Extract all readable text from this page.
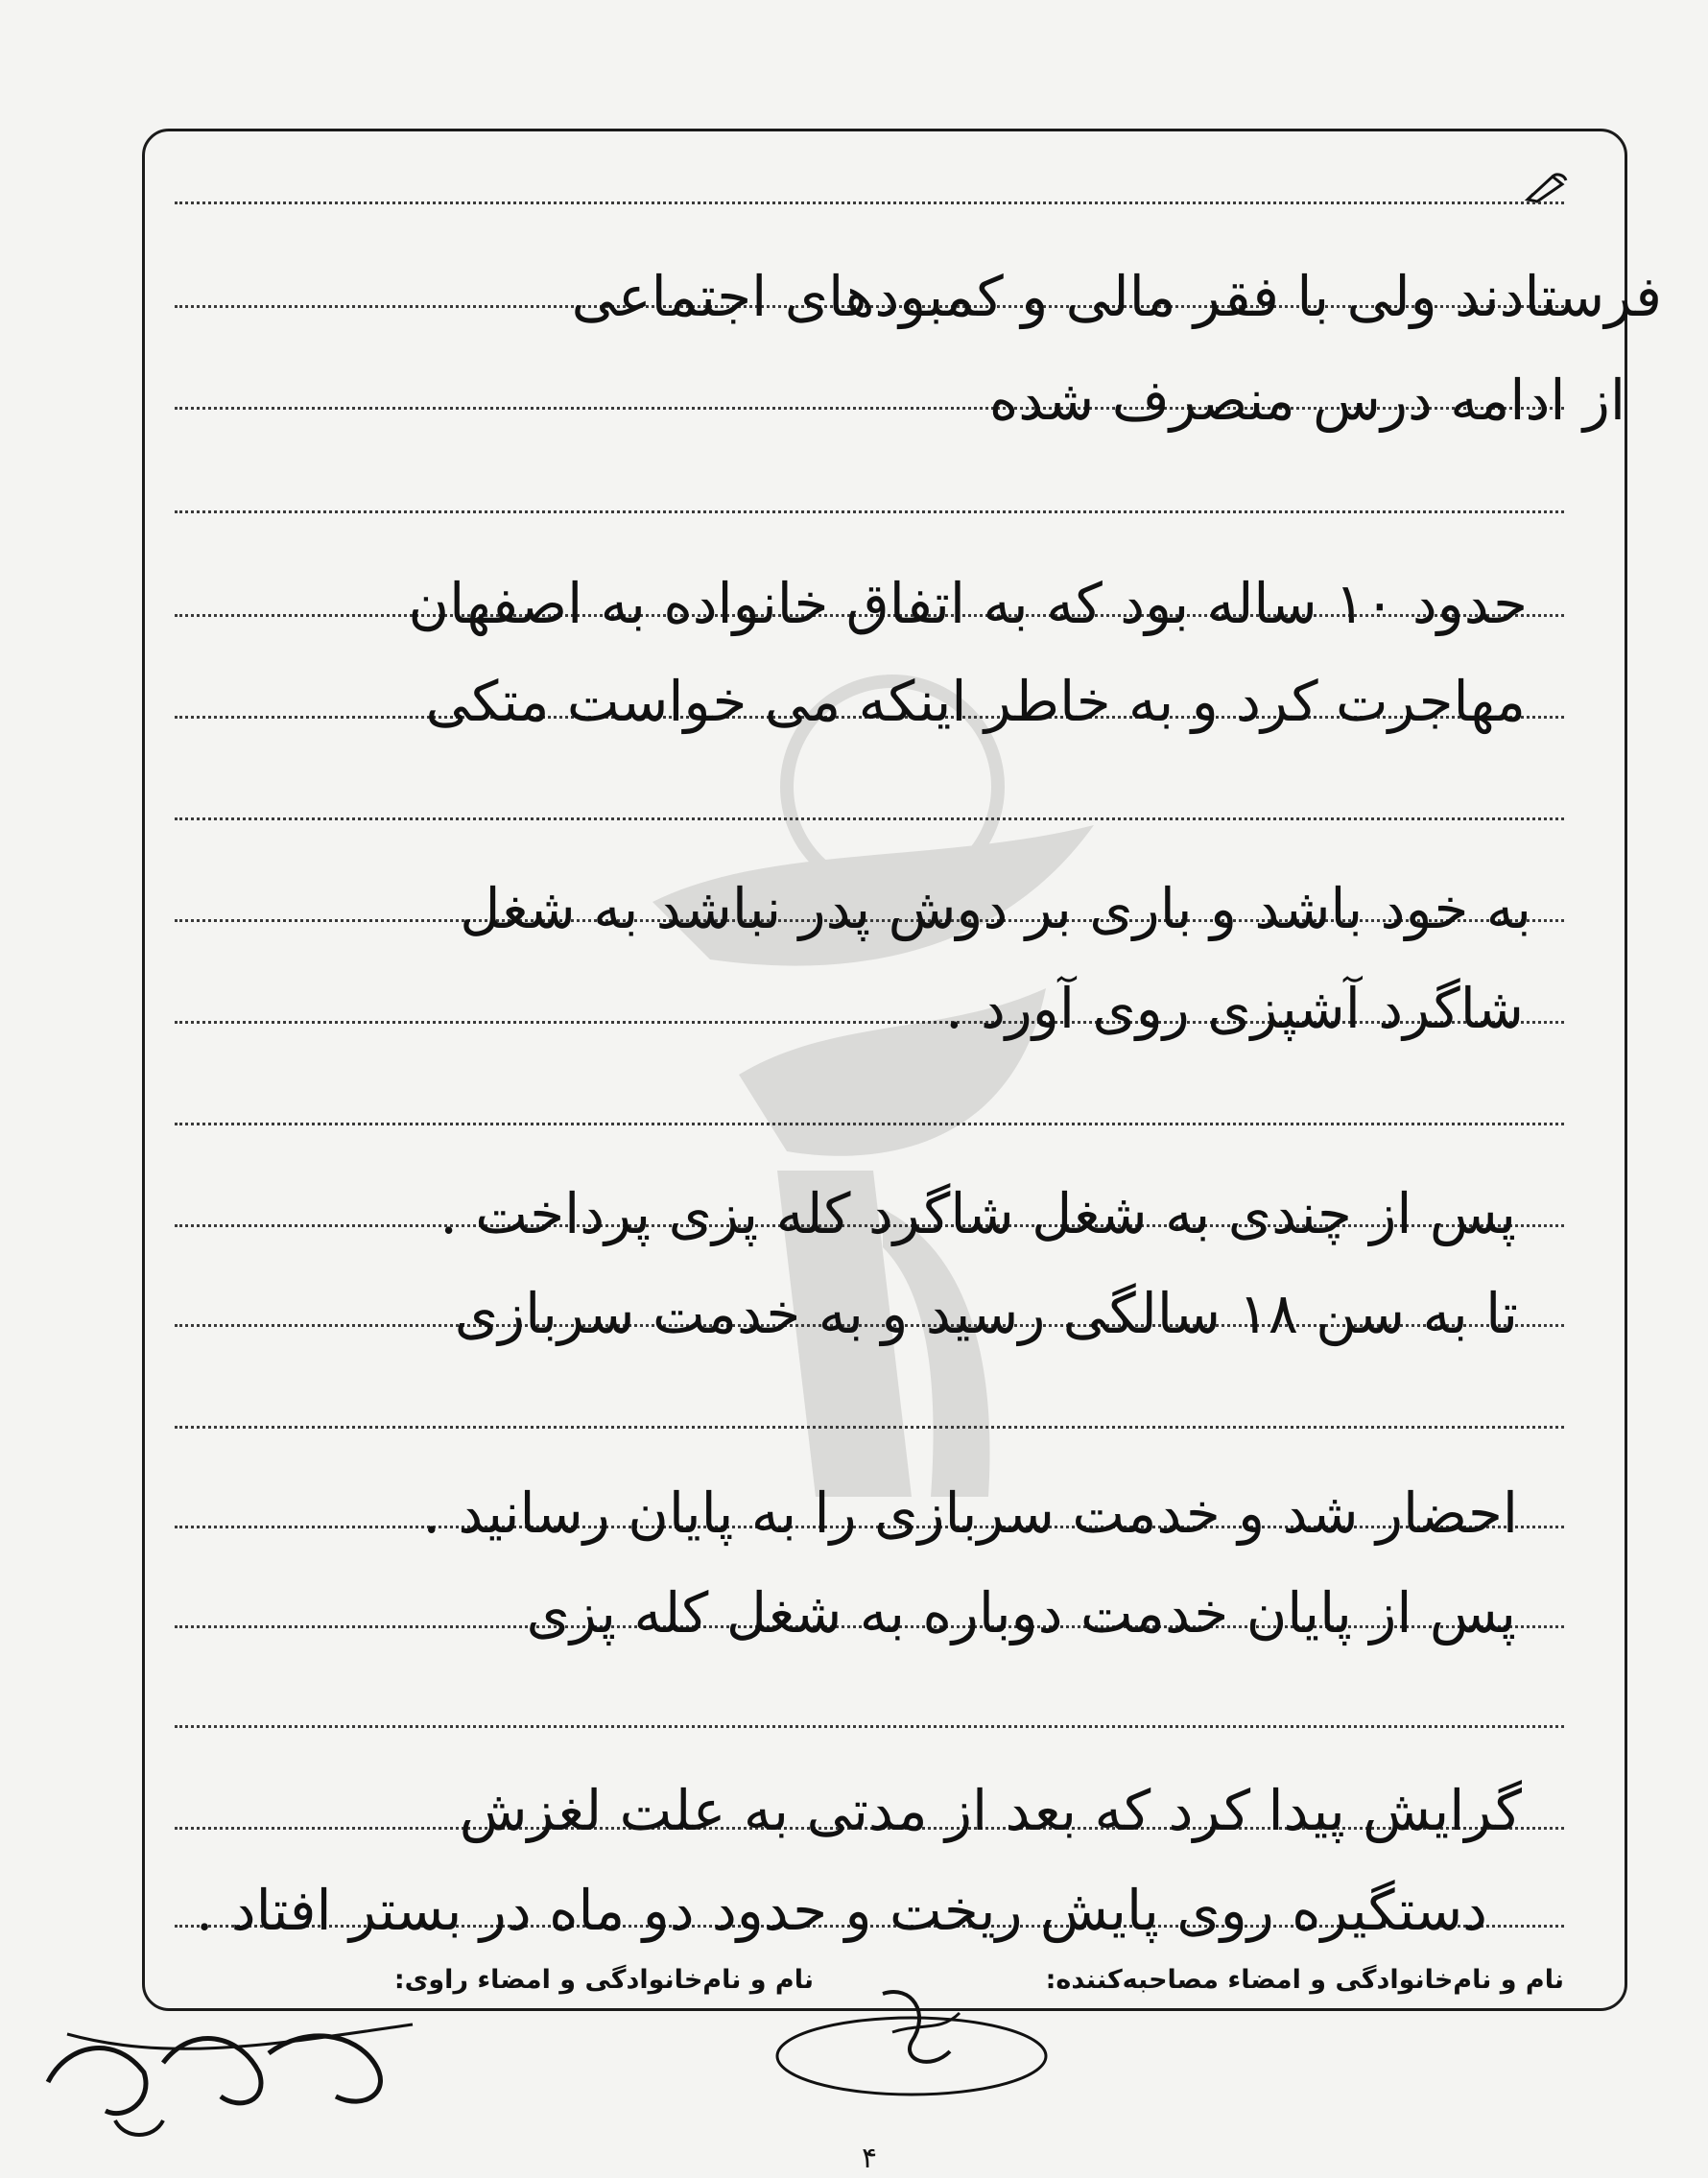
فرستادند ولی با فقر مالی و کمبودهای اجتماعی
از ادامه درس منصرف شده
حدود ۱۰ ساله بود که به اتفاق خانواده به اصفهان
مهاجرت کرد و به خاطر اینکه می خواست متکی
به خود باشد و باری بر دوش پدر نباشد به شغل
شاگرد آشپزی روی آورد .
پس از چندی به شغل شاگرد کله پزی پرداخت .
تا به سن ۱۸ سالگی رسید و به خدمت سربازی
احضار شد و خدمت سربازی را به پایان رسانید .
پس از پایان خدمت دوباره به شغل کله پزی
گرایش پیدا کرد که بعد از مدتی به علت لغزش
دستگیره روی پایش ریخت و حدود دو ماه در بستر افتاد .
نام و نام‌خانوادگی و امضاء مصاحبه‌کننده:
نام و نام‌خانوادگی و امضاء راوی:
۴
